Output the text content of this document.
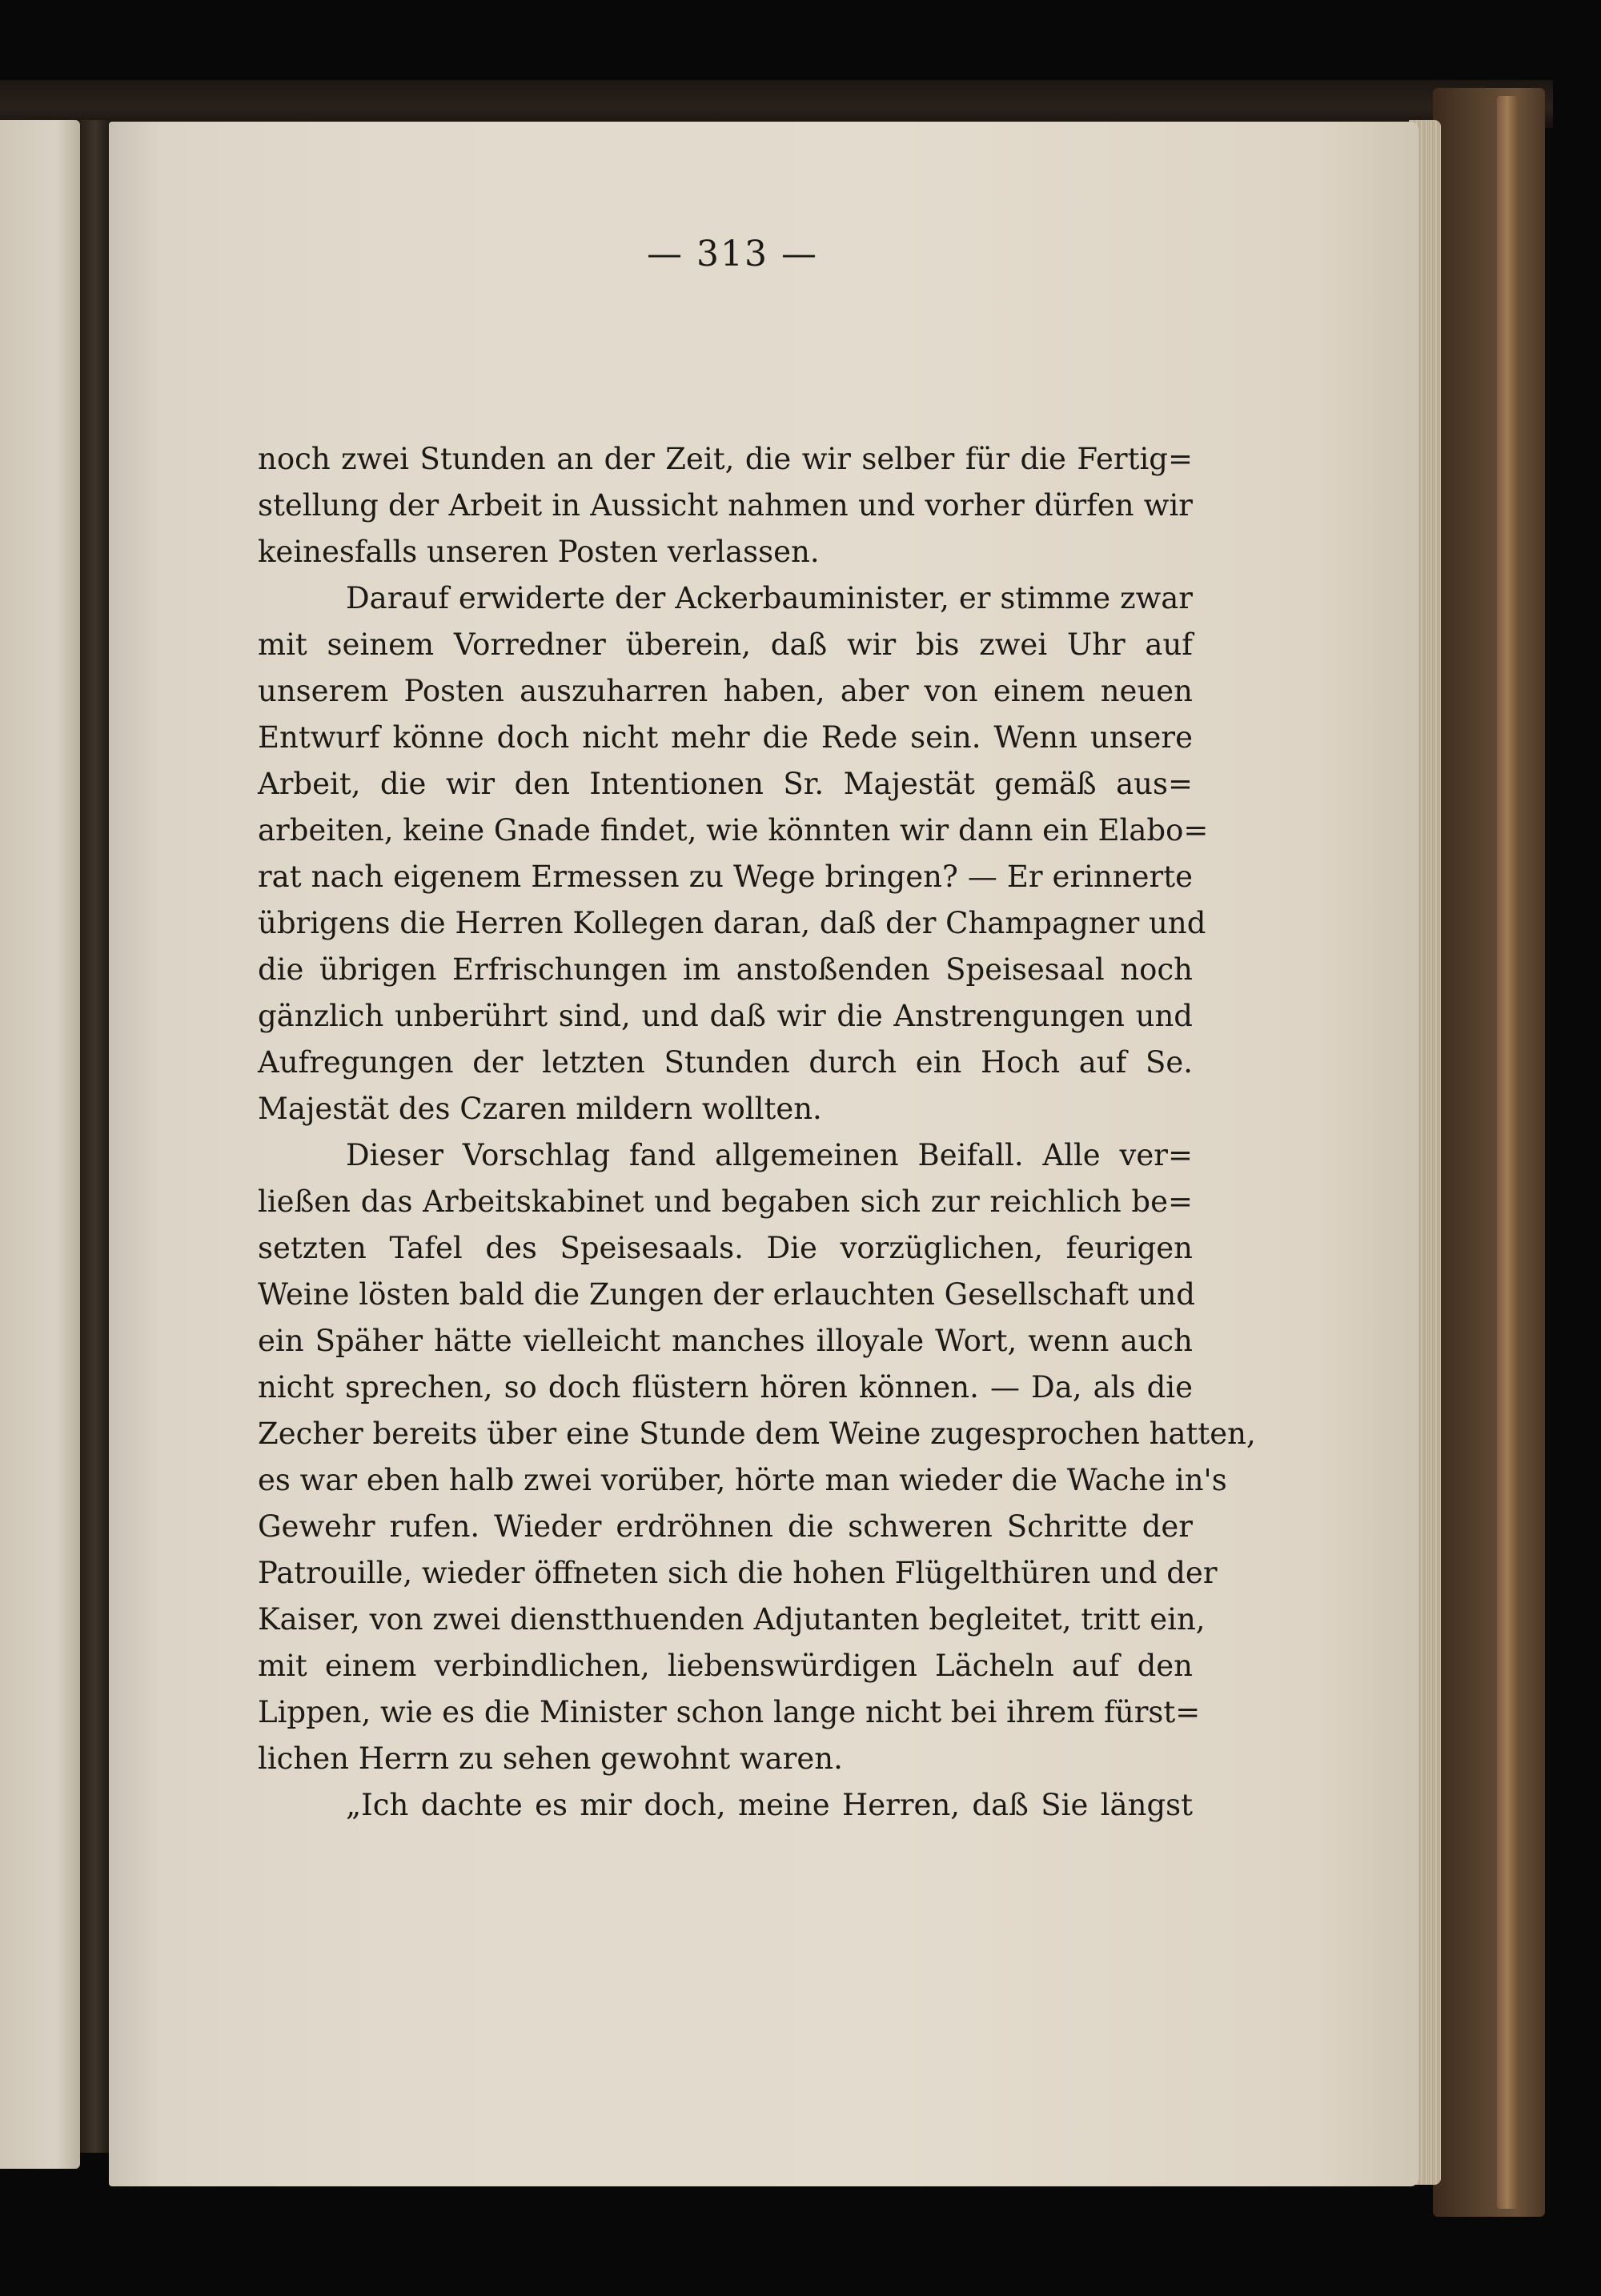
— 313 —
noch zwei Stunden an der Zeit, die wir selber für die Fertig=
stellung der Arbeit in Aussicht nahmen und vorher dürfen wir
keinesfalls unseren Posten verlassen.
Darauf erwiderte der Ackerbauminister, er stimme zwar
mit seinem Vorredner überein, daß wir bis zwei Uhr auf
unserem Posten auszuharren haben, aber von einem neuen
Entwurf könne doch nicht mehr die Rede sein. Wenn unsere
Arbeit, die wir den Intentionen Sr. Majestät gemäß aus=
arbeiten, keine Gnade findet, wie könnten wir dann ein Elabo=
rat nach eigenem Ermessen zu Wege bringen? — Er erinnerte
übrigens die Herren Kollegen daran, daß der Champagner und
die übrigen Erfrischungen im anstoßenden Speisesaal noch
gänzlich unberührt sind, und daß wir die Anstrengungen und
Aufregungen der letzten Stunden durch ein Hoch auf Se.
Majestät des Czaren mildern wollten.
Dieser Vorschlag fand allgemeinen Beifall. Alle ver=
ließen das Arbeitskabinet und begaben sich zur reichlich be=
setzten Tafel des Speisesaals. Die vorzüglichen, feurigen
Weine lösten bald die Zungen der erlauchten Gesellschaft und
ein Späher hätte vielleicht manches illoyale Wort, wenn auch
nicht sprechen, so doch flüstern hören können. — Da, als die
Zecher bereits über eine Stunde dem Weine zugesprochen hatten,
es war eben halb zwei vorüber, hörte man wieder die Wache in's
Gewehr rufen. Wieder erdröhnen die schweren Schritte der
Patrouille, wieder öffneten sich die hohen Flügelthüren und der
Kaiser, von zwei dienstthuenden Adjutanten begleitet, tritt ein,
mit einem verbindlichen, liebenswürdigen Lächeln auf den
Lippen, wie es die Minister schon lange nicht bei ihrem fürst=
lichen Herrn zu sehen gewohnt waren.
„Ich dachte es mir doch, meine Herren, daß Sie längst
